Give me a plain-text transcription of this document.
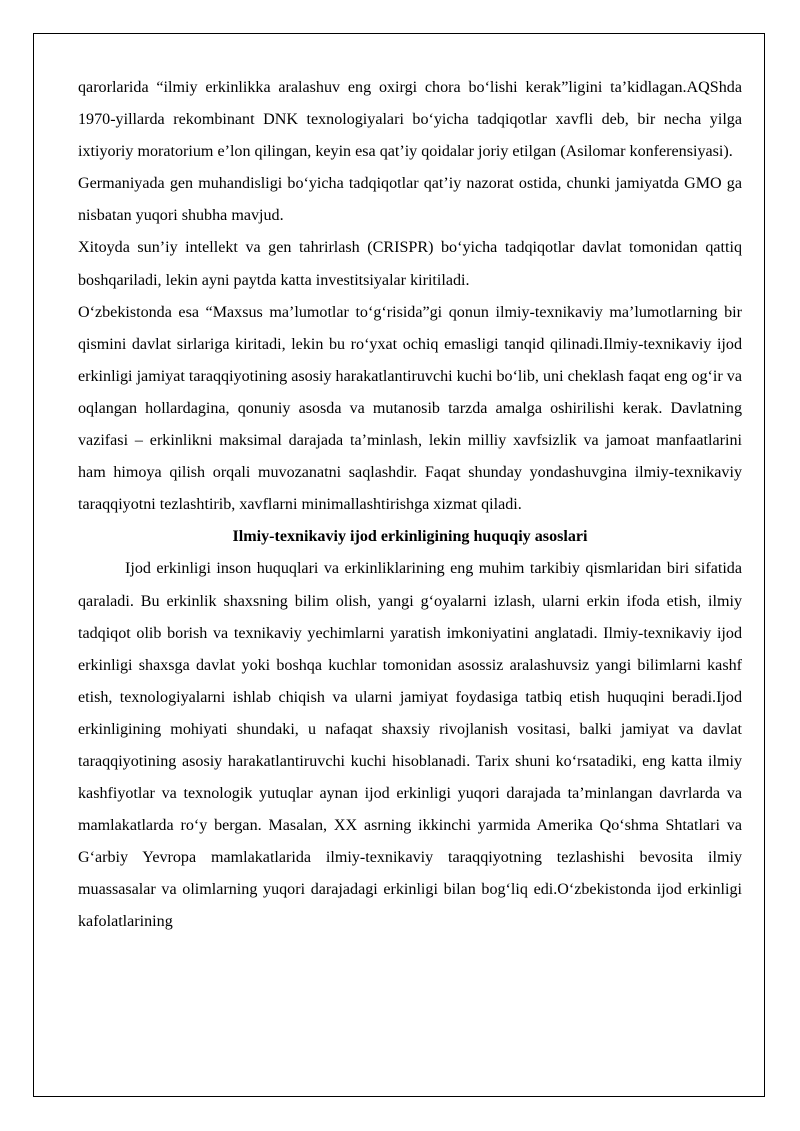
qarorlarida “ilmiy erkinlikka aralashuv eng oxirgi chora bo‘lishi kerak”ligini ta’kidlagan.AQShda 1970-yillarda rekombinant DNK texnologiyalari bo‘yicha tadqiqotlar xavfli deb, bir necha yilga ixtiyoriy moratorium e’lon qilingan, keyin esa qat’iy qoidalar joriy etilgan (Asilomar konferensiyasi).

Germaniyada gen muhandisligi bo‘yicha tadqiqotlar qat’iy nazorat ostida, chunki jamiyatda GMO ga nisbatan yuqori shubha mavjud.

Xitoyda sun’iy intellekt va gen tahrirlash (CRISPR) bo‘yicha tadqiqotlar davlat tomonidan qattiq boshqariladi, lekin ayni paytda katta investitsiyalar kiritiladi.

O‘zbekistonda esa “Maxsus ma’lumotlar to‘g‘risida”gi qonun ilmiy-texnikaviy ma’lumotlarning bir qismini davlat sirlariga kiritadi, lekin bu ro‘yxat ochiq emasligi tanqid qilinadi.Ilmiy-texnikaviy ijod erkinligi jamiyat taraqqiyotining asosiy harakatlantiruvchi kuchi bo‘lib, uni cheklash faqat eng og‘ir va oqlangan hollardagina, qonuniy asosda va mutanosib tarzda amalga oshirilishi kerak. Davlatning vazifasi – erkinlikni maksimal darajada ta’minlash, lekin milliy xavfsizlik va jamoat manfaatlarini ham himoya qilish orqali muvozanatni saqlashdir. Faqat shunday yondashuvgina ilmiy-texnikaviy taraqqiyotni tezlashtirib, xavflarni minimallashtirishga xizmat qiladi.

Ilmiy-texnikaviy ijod erkinligining huquqiy asoslari

Ijod erkinligi inson huquqlari va erkinliklarining eng muhim tarkibiy qismlaridan biri sifatida qaraladi. Bu erkinlik shaxsning bilim olish, yangi g‘oyalarni izlash, ularni erkin ifoda etish, ilmiy tadqiqot olib borish va texnikaviy yechimlarni yaratish imkoniyatini anglatadi. Ilmiy-texnikaviy ijod erkinligi shaxsga davlat yoki boshqa kuchlar tomonidan asossiz aralashuvsiz yangi bilimlarni kashf etish, texnologiyalarni ishlab chiqish va ularni jamiyat foydasiga tatbiq etish huquqini beradi.Ijod erkinligining mohiyati shundaki, u nafaqat shaxsiy rivojlanish vositasi, balki jamiyat va davlat taraqqiyotining asosiy harakatlantiruvchi kuchi hisoblanadi. Tarix shuni ko‘rsatadiki, eng katta ilmiy kashfiyotlar va texnologik yutuqlar aynan ijod erkinligi yuqori darajada ta’minlangan davrlarda va mamlakatlarda ro‘y bergan. Masalan, XX asrning ikkinchi yarmida Amerika Qo‘shma Shtatlari va G‘arbiy Yevropa mamlakatlarida ilmiy-texnikaviy taraqqiyotning tezlashishi bevosita ilmiy muassasalar va olimlarning yuqori darajadagi erkinligi bilan bog‘liq edi.O‘zbekistonda ijod erkinligi kafolatlarining
